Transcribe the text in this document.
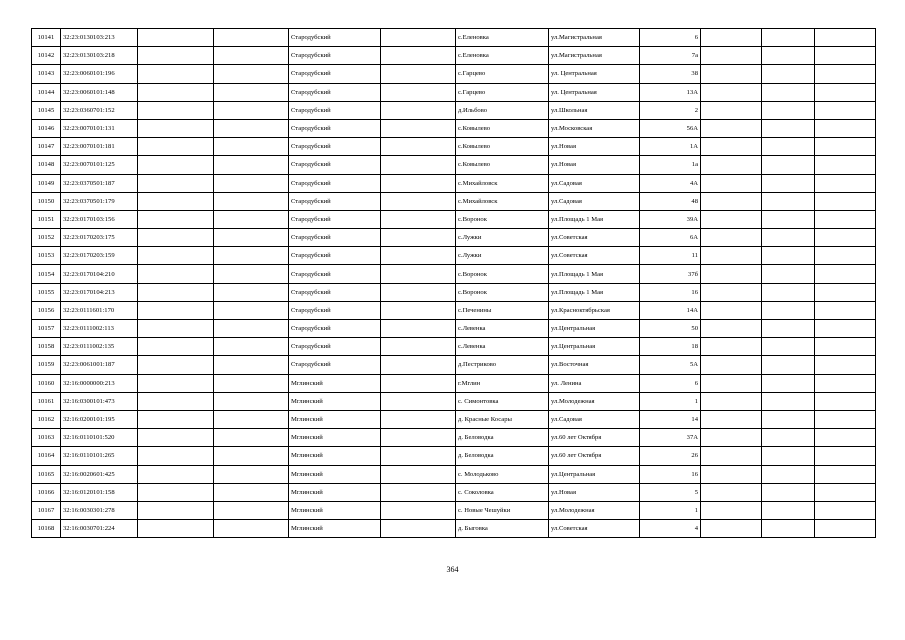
10141	32:23:0130103:213			Стародубский		с.Еленовка	ул.Магистральная	6			
10142	32:23:0130103:218			Стародубский		с.Еленовка	ул.Магистральная	7а			
10143	32:23:0060101:196			Стародубский		с.Гарцево	ул. Центральная	38			
10144	32:23:0060101:148			Стародубский		с.Гарцево	ул. Центральная	13А			
10145	32:23:0360701:152			Стародубский		д.Ильбово	ул.Школьная	2			
10146	32:23:0070101:131			Стародубский		с.Ковылево	ул.Московская	56А			
10147	32:23:0070101:181			Стародубский		с.Ковылево	ул.Новая	1А			
10148	32:23:0070101:125			Стародубский		с.Ковылево	ул.Новая	1а			
10149	32:23:0370501:187			Стародубский		с.Михайловск	ул.Садовая	4А			
10150	32:23:0370501:179			Стародубский		с.Михайловск	ул.Садовая	48			
10151	32:23:0170103:156			Стародубский		с.Воронок	ул.Площадь 1 Мая	39А			
10152	32:23:0170203:175			Стародубский		с.Лужки	ул.Советская	6А			
10153	32:23:0170203:159			Стародубский		с.Лужки	ул.Советская	11			
10154	32:23:0170104:210			Стародубский		с.Воронок	ул.Площадь 1 Мая	37б			
10155	32:23:0170104:213			Стародубский		с.Воронок	ул.Площадь 1 Мая	16			
10156	32:23:0111601:170			Стародубский		с.Печенины	ул.Красноктябрьская	14А			
10157	32:23:0111002:113			Стародубский		с.Левенка	ул.Центральная	50			
10158	32:23:0111002:135			Стародубский		с.Левенка	ул.Центральная	18			
10159	32:23:0061001:187			Стародубский		д.Пестриково	ул.Восточная	5А			
10160	32:16:0000000:213			Мглинский		г.Мглин	ул. Ленина	6			
10161	32:16:0300101:473			Мглинский		с. Симонтовка	ул.Молодежная	1			
10162	32:16:0200101:195			Мглинский		д. Красные Косары	ул.Садовая	14			
10163	32:16:0110101:520			Мглинский		д. Беловодка	ул.60 лет Октября	37А			
10164	32:16:0110101:265			Мглинский		д. Беловодка	ул.60 лет Октября	26			
10165	32:16:0020601:425			Мглинский		с. Молодьково	ул.Центральная	16			
10166	32:16:0120101:158			Мглинский		с. Соколовка	ул.Новая	5			
10167	32:16:0030301:278			Мглинский		с. Новые Чешуйки	ул.Молодежная	1			
10168	32:16:0030701:224			Мглинский		д. Быговка	ул.Советская	4			
364
